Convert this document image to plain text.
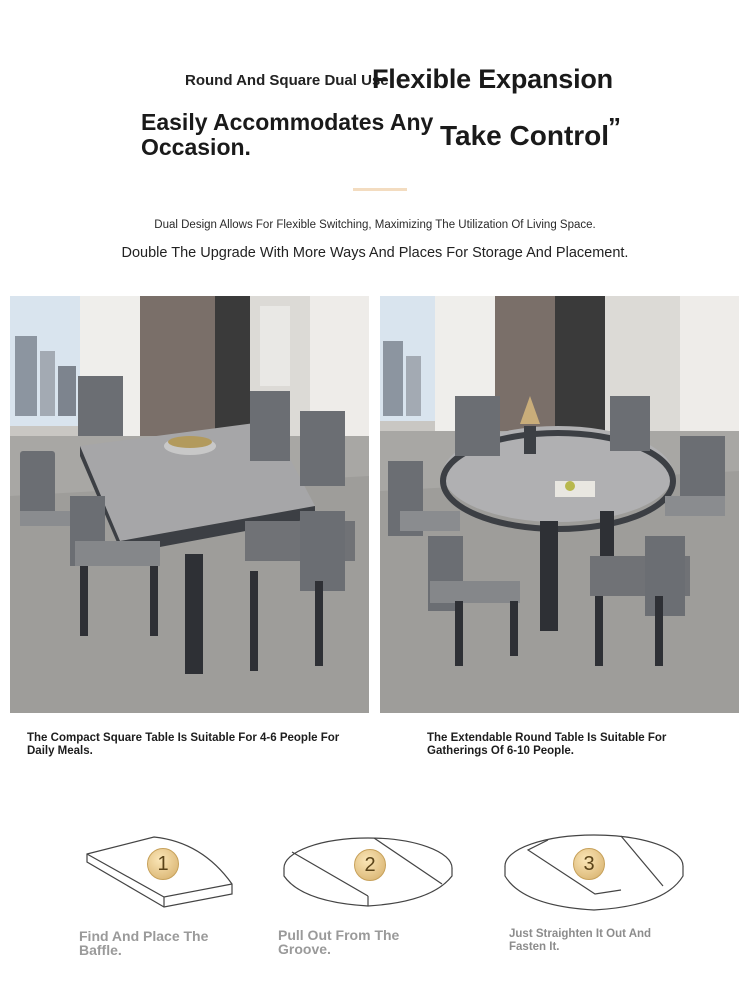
Round And Square Dual Use
Flexible Expansion
Easily Accommodates Any Occasion.	Take Control
”
Dual Design Allows For Flexible Switching, Maximizing The Utilization Of Living Space.
Double The Upgrade With More Ways And Places For Storage And Placement.
The Compact Square Table Is Suitable For 4-6 People For Daily Meals.
The Extendable Round Table Is Suitable For Gatherings Of 6-10 People.
1	2	3
Find And Place The Baffle.
Pull Out From The Groove.
Just Straighten It Out And Fasten It.
